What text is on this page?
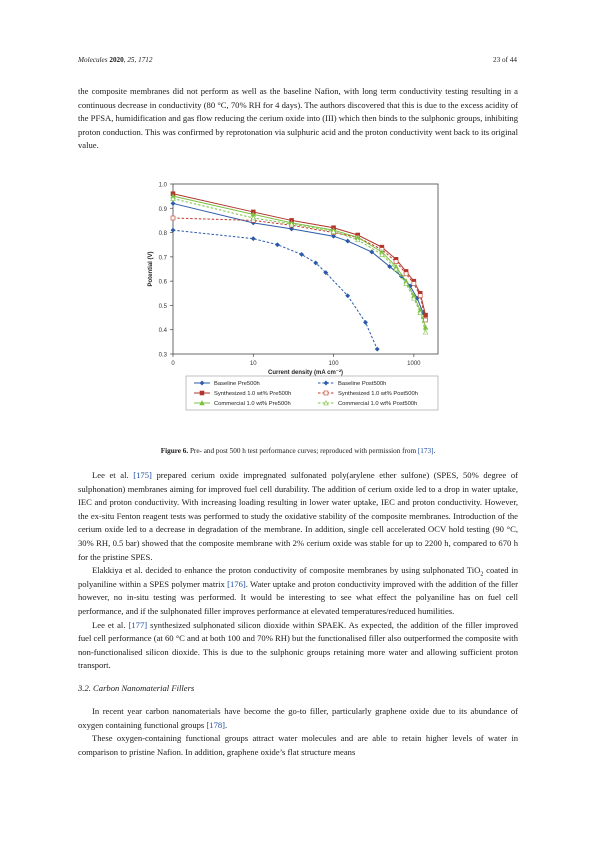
Molecules 2020, 25, 1712	23 of 44

the composite membranes did not perform as well as the baseline Nafion, with long term conductivity testing resulting in a continuous decrease in conductivity (80 °C, 70% RH for 4 days). The authors discovered that this is due to the excess acidity of the PFSA, humidification and gas flow reducing the cerium oxide into (III) which then binds to the sulphonic groups, inhibiting proton conduction. This was confirmed by reprotonation via sulphuric acid and the proton conductivity went back to its original value.

1.0
0.9
0.8
0.7
0.6
0.5
0.4
0.3
0	10	100	1000
Current density (mA cm⁻²)
Potential (V)
Baseline Pre500h	Baseline Post500h
Synthesized 1.0 wt% Pre500h	Synthesized 1.0 wt% Post500h
Commercial 1.0 wt% Pre500h	Commercial 1.0 wt% Post500h
Figure 6. Pre- and post 500 h test performance curves; reproduced with permission from [173].

Lee et al. [175] prepared cerium oxide impregnated sulfonated poly(arylene ether sulfone) (SPES, 50% degree of sulphonation) membranes aiming for improved fuel cell durability. The addition of cerium oxide led to a drop in water uptake, IEC and proton conductivity. With increasing loading resulting in lower water uptake, IEC and proton conductivity. However, the ex-situ Fenton reagent tests was performed to study the oxidative stability of the composite membranes. Introduction of the cerium oxide led to a decrease in degradation of the membrane. In addition, single cell accelerated OCV hold testing (90 °C, 30% RH, 0.5 bar) showed that the composite membrane with 2% cerium oxide was stable for up to 2200 h, compared to 670 h for the pristine SPES.

Elakkiya et al. decided to enhance the proton conductivity of composite membranes by using sulphonated TiO$_2$ coated in polyaniline within a SPES polymer matrix [176]. Water uptake and proton conductivity improved with the addition of the filler however, no in-situ testing was performed. It would be interesting to see what effect the polyaniline has on fuel cell performance, and if the sulphonated filler improves performance at elevated temperatures/reduced humilities.

Lee et al. [177] synthesized sulphonated silicon dioxide within SPAEK. As expected, the addition of the filler improved fuel cell performance (at 60 °C and at both 100 and 70% RH) but the functionalised filler also outperformed the composite with non-functionalised silicon dioxide. This is due to the sulphonic groups retaining more water and allowing sufficient proton transport.

3.2. Carbon Nanomaterial Fillers

In recent year carbon nanomaterials have become the go-to filler, particularly graphene oxide due to its abundance of oxygen containing functional groups [178].

These oxygen-containing functional groups attract water molecules and are able to retain higher levels of water in comparison to pristine Nafion. In addition, graphene oxide’s flat structure means
